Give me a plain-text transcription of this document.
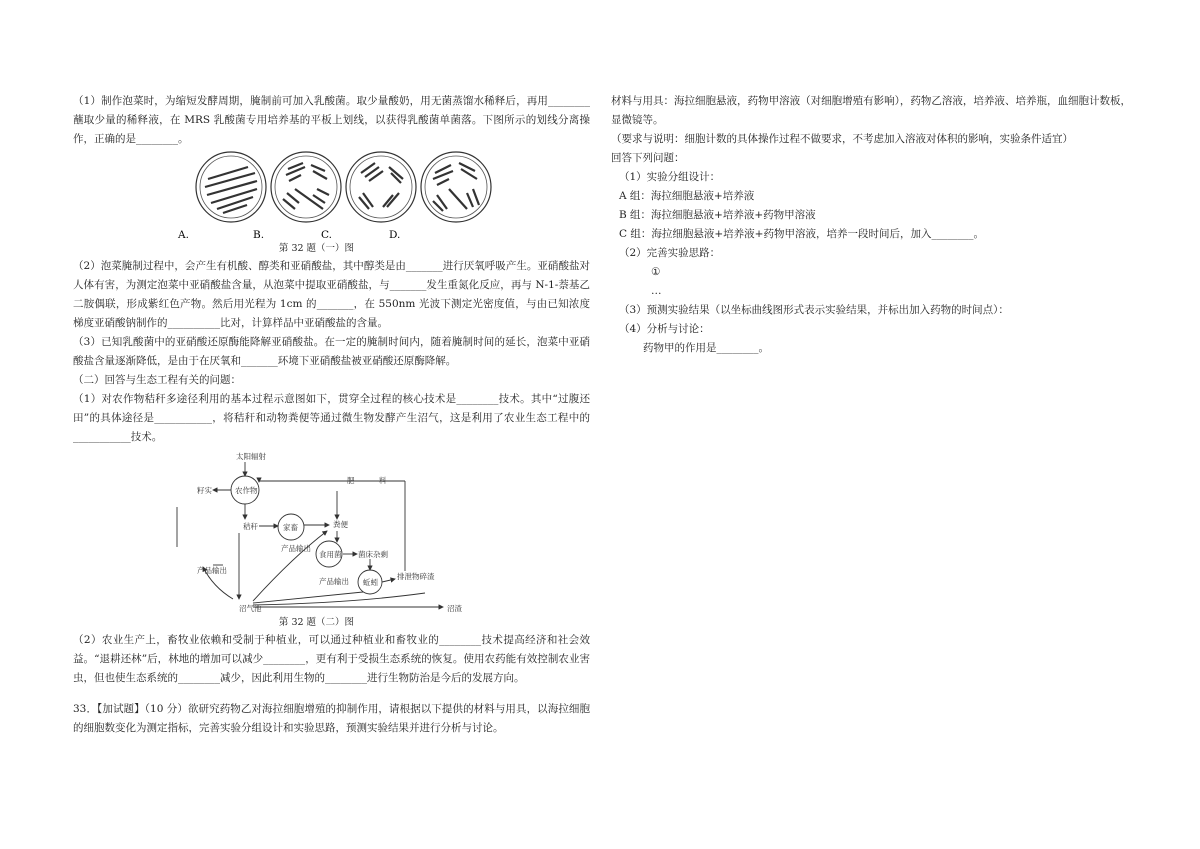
（1）制作泡菜时，为缩短发酵周期，腌制前可加入乳酸菌。取少量酸奶，用无菌蒸馏水稀释后，再用________蘸取少量的稀释液，在 MRS 乳酸菌专用培养基的平板上划线，以获得乳酸菌单菌落。下图所示的划线分离操作，正确的是________。

A.	B.	C.	D.

第 32 题（一）图

（2）泡菜腌制过程中，会产生有机酸、醇类和亚硝酸盐，其中醇类是由_______进行厌氧呼吸产生。亚硝酸盐对人体有害，为测定泡菜中亚硝酸盐含量，从泡菜中提取亚硝酸盐，与_______发生重氮化反应，再与 N-1-萘基乙二胺偶联，形成紫红色产物。然后用光程为 1cm 的_______，在 550nm 光波下测定光密度值，与由已知浓度梯度亚硝酸钠制作的__________比对，计算样品中亚硝酸盐的含量。

（3）已知乳酸菌中的亚硝酸还原酶能降解亚硝酸盐。在一定的腌制时间内，随着腌制时间的延长，泡菜中亚硝酸盐含量逐渐降低，是由于在厌氧和_______环境下亚硝酸盐被亚硝酸还原酶降解。

（二）回答与生态工程有关的问题：

（1）对农作物秸秆多途径利用的基本过程示意图如下，贯穿全过程的核心技术是________技术。其中“过腹还田”的具体途径是___________，将秸秆和动物粪便等通过微生物发酵产生沼气，这是利用了农业生态工程中的___________技术。

太阳辐射
籽实	农作物
肥	料
秸秆	家畜	粪便
产品输出
食用菌 菌床杂剩
产品输出
产品输出
蚯蚓
排泄物碎渣
沼气池	沼渣

第 32 题（二）图

（2）农业生产上，畜牧业依赖和受制于种植业，可以通过种植业和畜牧业的________技术提高经济和社会效益。“退耕还林”后，林地的增加可以减少________，更有利于受损生态系统的恢复。使用农药能有效控制农业害虫，但也使生态系统的________减少，因此利用生物的________进行生物防治是今后的发展方向。

33．【加试题】（10 分）欲研究药物乙对海拉细胞增殖的抑制作用，请根据以下提供的材料与用具，以海拉细胞的细胞数变化为测定指标，完善实验分组设计和实验思路，预测实验结果并进行分析与讨论。

材料与用具：海拉细胞悬液，药物甲溶液（对细胞增殖有影响），药物乙溶液，培养液、培养瓶，血细胞计数板，显微镜等。

（要求与说明：细胞计数的具体操作过程不做要求，不考虑加入溶液对体积的影响，实验条件适宜）

回答下列问题：

（1）实验分组设计：

A 组：海拉细胞悬液+培养液

B 组：海拉细胞悬液+培养液+药物甲溶液

C 组：海拉细胞悬液+培养液+药物甲溶液，培养一段时间后，加入________。

（2）完善实验思路：

①

…

（3）预测实验结果（以坐标曲线图形式表示实验结果，并标出加入药物的时间点）：

（4）分析与讨论：

药物甲的作用是________。
